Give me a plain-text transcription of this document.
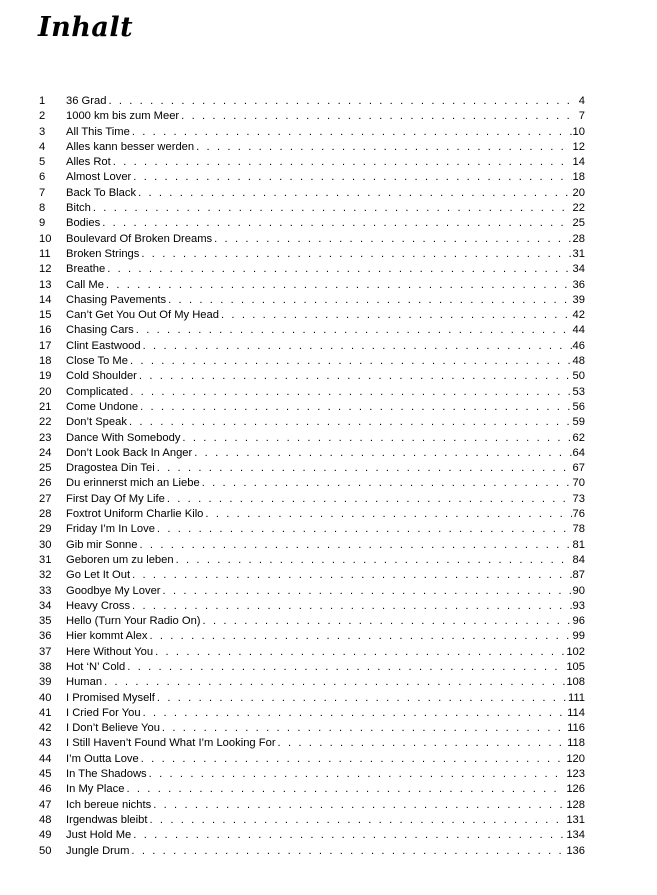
Inhalt
1	36 Grad . . .	4
2	1000 km bis zum Meer . . .	7
3	All This Time . . .	10
4	Alles kann besser werden . . .	12
5	Alles Rot . . .	14
6	Almost Lover . . .	18
7	Back To Black . . .	20
8	Bitch . . .	22
9	Bodies . . .	25
10	Boulevard Of Broken Dreams . . .	28
11	Broken Strings . . .	31
12	Breathe . . .	34
13	Call Me . . .	36
14	Chasing Pavements . . .	39
15	Can’t Get You Out Of My Head . . .	42
16	Chasing Cars . . .	44
17	Clint Eastwood . . .	46
18	Close To Me . . .	48
19	Cold Shoulder . . .	50
20	Complicated . . .	53
21	Come Undone . . .	56
22	Don’t Speak . . .	59
23	Dance With Somebody . . .	62
24	Don’t Look Back In Anger . . .	64
25	Dragostea Din Tei . . .	67
26	Du erinnerst mich an Liebe . . .	70
27	First Day Of My Life . . .	73
28	Foxtrot Uniform Charlie Kilo . . .	76
29	Friday I’m In Love . . .	78
30	Gib mir Sonne . . .	81
31	Geboren um zu leben . . .	84
32	Go Let It Out . . .	87
33	Goodbye My Lover . . .	90
34	Heavy Cross . . .	93
35	Hello (Turn Your Radio On) . . .	96
36	Hier kommt Alex . . .	99
37	Here Without You . . .	102
38	Hot ‘N’ Cold . . .	105
39	Human . . .	108
40	I Promised Myself . . .	111
41	I Cried For You . . .	114
42	I Don’t Believe You . . .	116
43	I Still Haven’t Found What I’m Looking For . . .	118
44	I’m Outta Love . . .	120
45	In The Shadows . . .	123
46	In My Place . . .	126
47	Ich bereue nichts . . .	128
48	Irgendwas bleibt . . .	131
49	Just Hold Me . . .	134
50	Jungle Drum . . .	136
